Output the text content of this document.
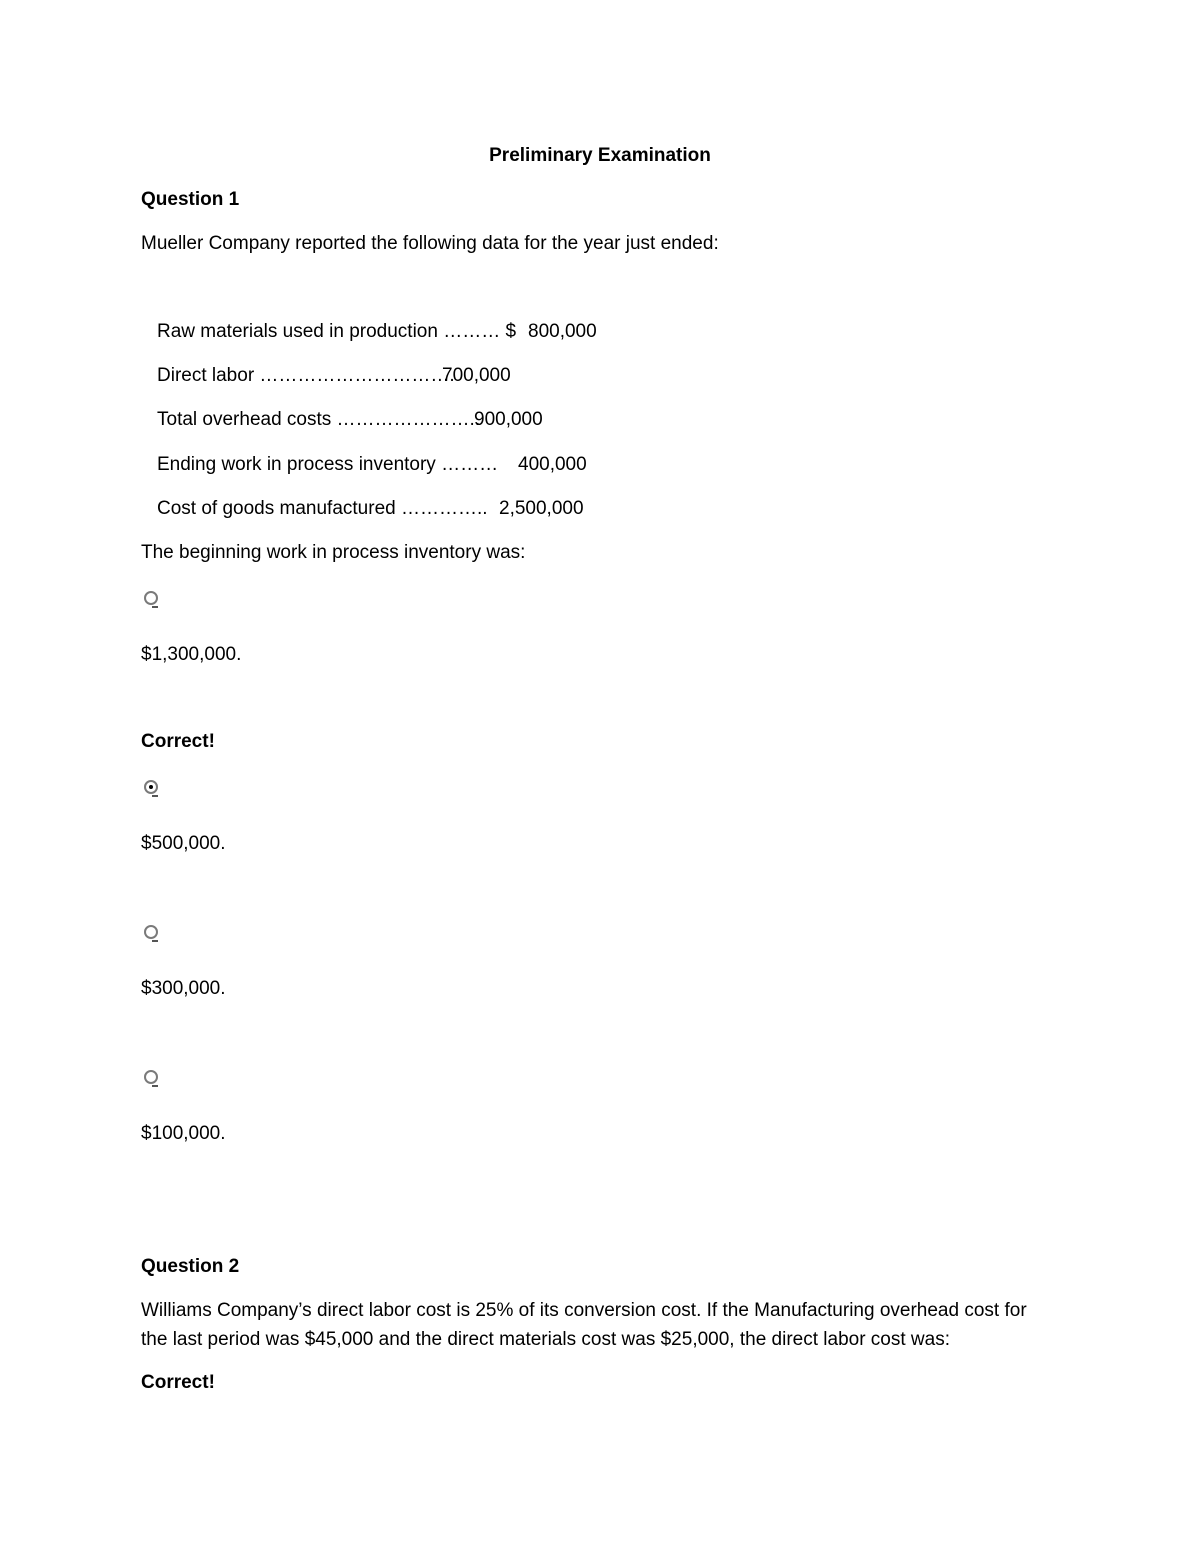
Preliminary Examination
Question 1
Mueller Company reported the following data for the year just ended:
Raw materials used in production ……… $ 800,000
Direct labor ………………………….
700,000
Total overhead costs …………………..
900,000
Ending work in process inventory ……… 400,000
Cost of goods manufactured ………….. 2,500,000
The beginning work in process inventory was:
$1,300,000.
Correct!
$500,000.
$300,000.
$100,000.
Question 2
Williams Company’s direct labor cost is 25% of its conversion cost. If the Manufacturing overhead cost for the last period was $45,000 and the direct materials cost was $25,000, the direct labor cost was:
Correct!
